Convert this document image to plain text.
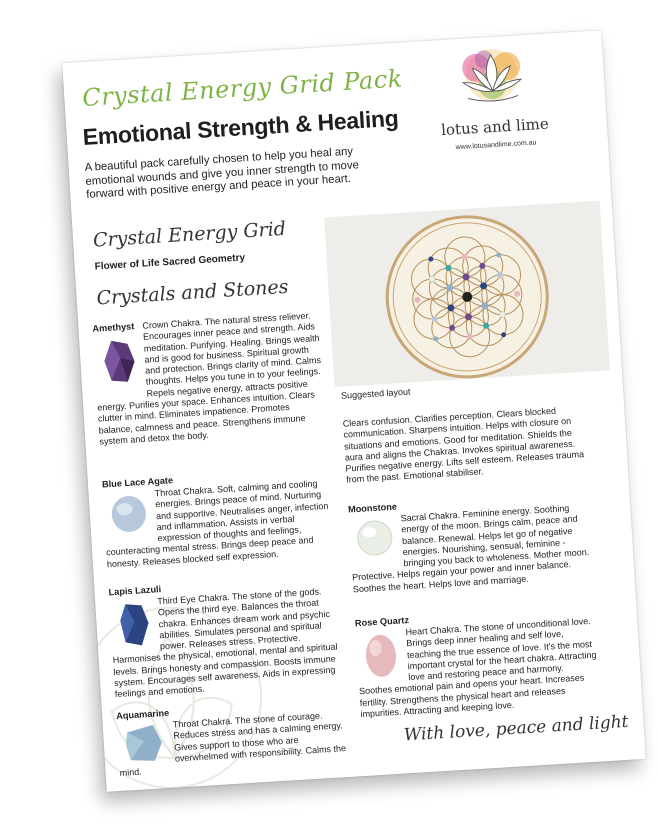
Crystal Energy Grid Pack
Emotional Strength & Healing
A beautiful pack carefully chosen to help you heal any emotional wounds and give you inner strength to move forward with positive energy and peace in your heart.
lotus and lime
www.lotusandlime.com.au
Crystal Energy Grid
Flower of Life Sacred Geometry
Crystals and Stones
Suggested layout
Amethyst Crown Chakra. The natural stress reliever. Encourages inner peace and strength. Aids meditation. Purifying. Healing. Brings wealth and is good for business. Spiritual growth and protection. Brings clarity of mind. Calms thoughts. Helps you tune in to your feelings. Repels negative energy, attracts positive energy. Purifies your space. Enhances intuition. Clears clutter in mind. Eliminates impatience. Promotes balance, calmness and peace. Strengthens immune system and detox the body.
Blue Lace Agate
Throat Chakra. Soft, calming and cooling energies. Brings peace of mind. Nurturing and supportive. Neutralises anger, infection and inflammation. Assists in verbal expression of thoughts and feelings, counteracting mental stress. Brings deep peace and honesty. Releases blocked self expression.
Lapis Lazuli
Third Eye Chakra. The stone of the gods. Opens the third eye. Balances the throat chakra. Enhances dream work and psychic abilities. Simulates personal and spiritual power. Releases stress. Protective. Harmonises the physical, emotional, mental and spiritual levels. Brings honesty and compassion. Boosts immune system. Encourages self awareness. Aids in expressing feelings and emotions.
Aquamarine Throat Chakra. The stone of courage. Reduces stress and has a calming energy. Gives support to those who are overwhelmed with responsibility. Calms the mind.
Clears confusion. Clarifies perception. Clears blocked communication. Sharpens intuition. Helps with closure on situations and emotions. Good for meditation. Shields the aura and aligns the Chakras. Invokes spiritual awareness. Purifies negative energy. Lifts self esteem. Releases trauma from the past. Emotional stabiliser.
Moonstone Sacral Chakra. Feminine energy. Soothing energy of the moon. Brings calm, peace and balance. Renewal. Helps let go of negative energies. Nourishing, sensual, feminine - bringing you back to wholeness. Mother moon. Protective. Helps regain your power and inner balance. Soothes the heart. Helps love and marriage.
Rose Quartz
Heart Chakra. The stone of unconditional love. Brings deep inner healing and self love, teaching the true essence of love. It's the most important crystal for the heart chakra. Attracting love and restoring peace and harmony. Soothes emotional pain and opens your heart. Increases fertility. Strengthens the physical heart and releases impurities. Attracting and keeping love.
With love, peace and light
